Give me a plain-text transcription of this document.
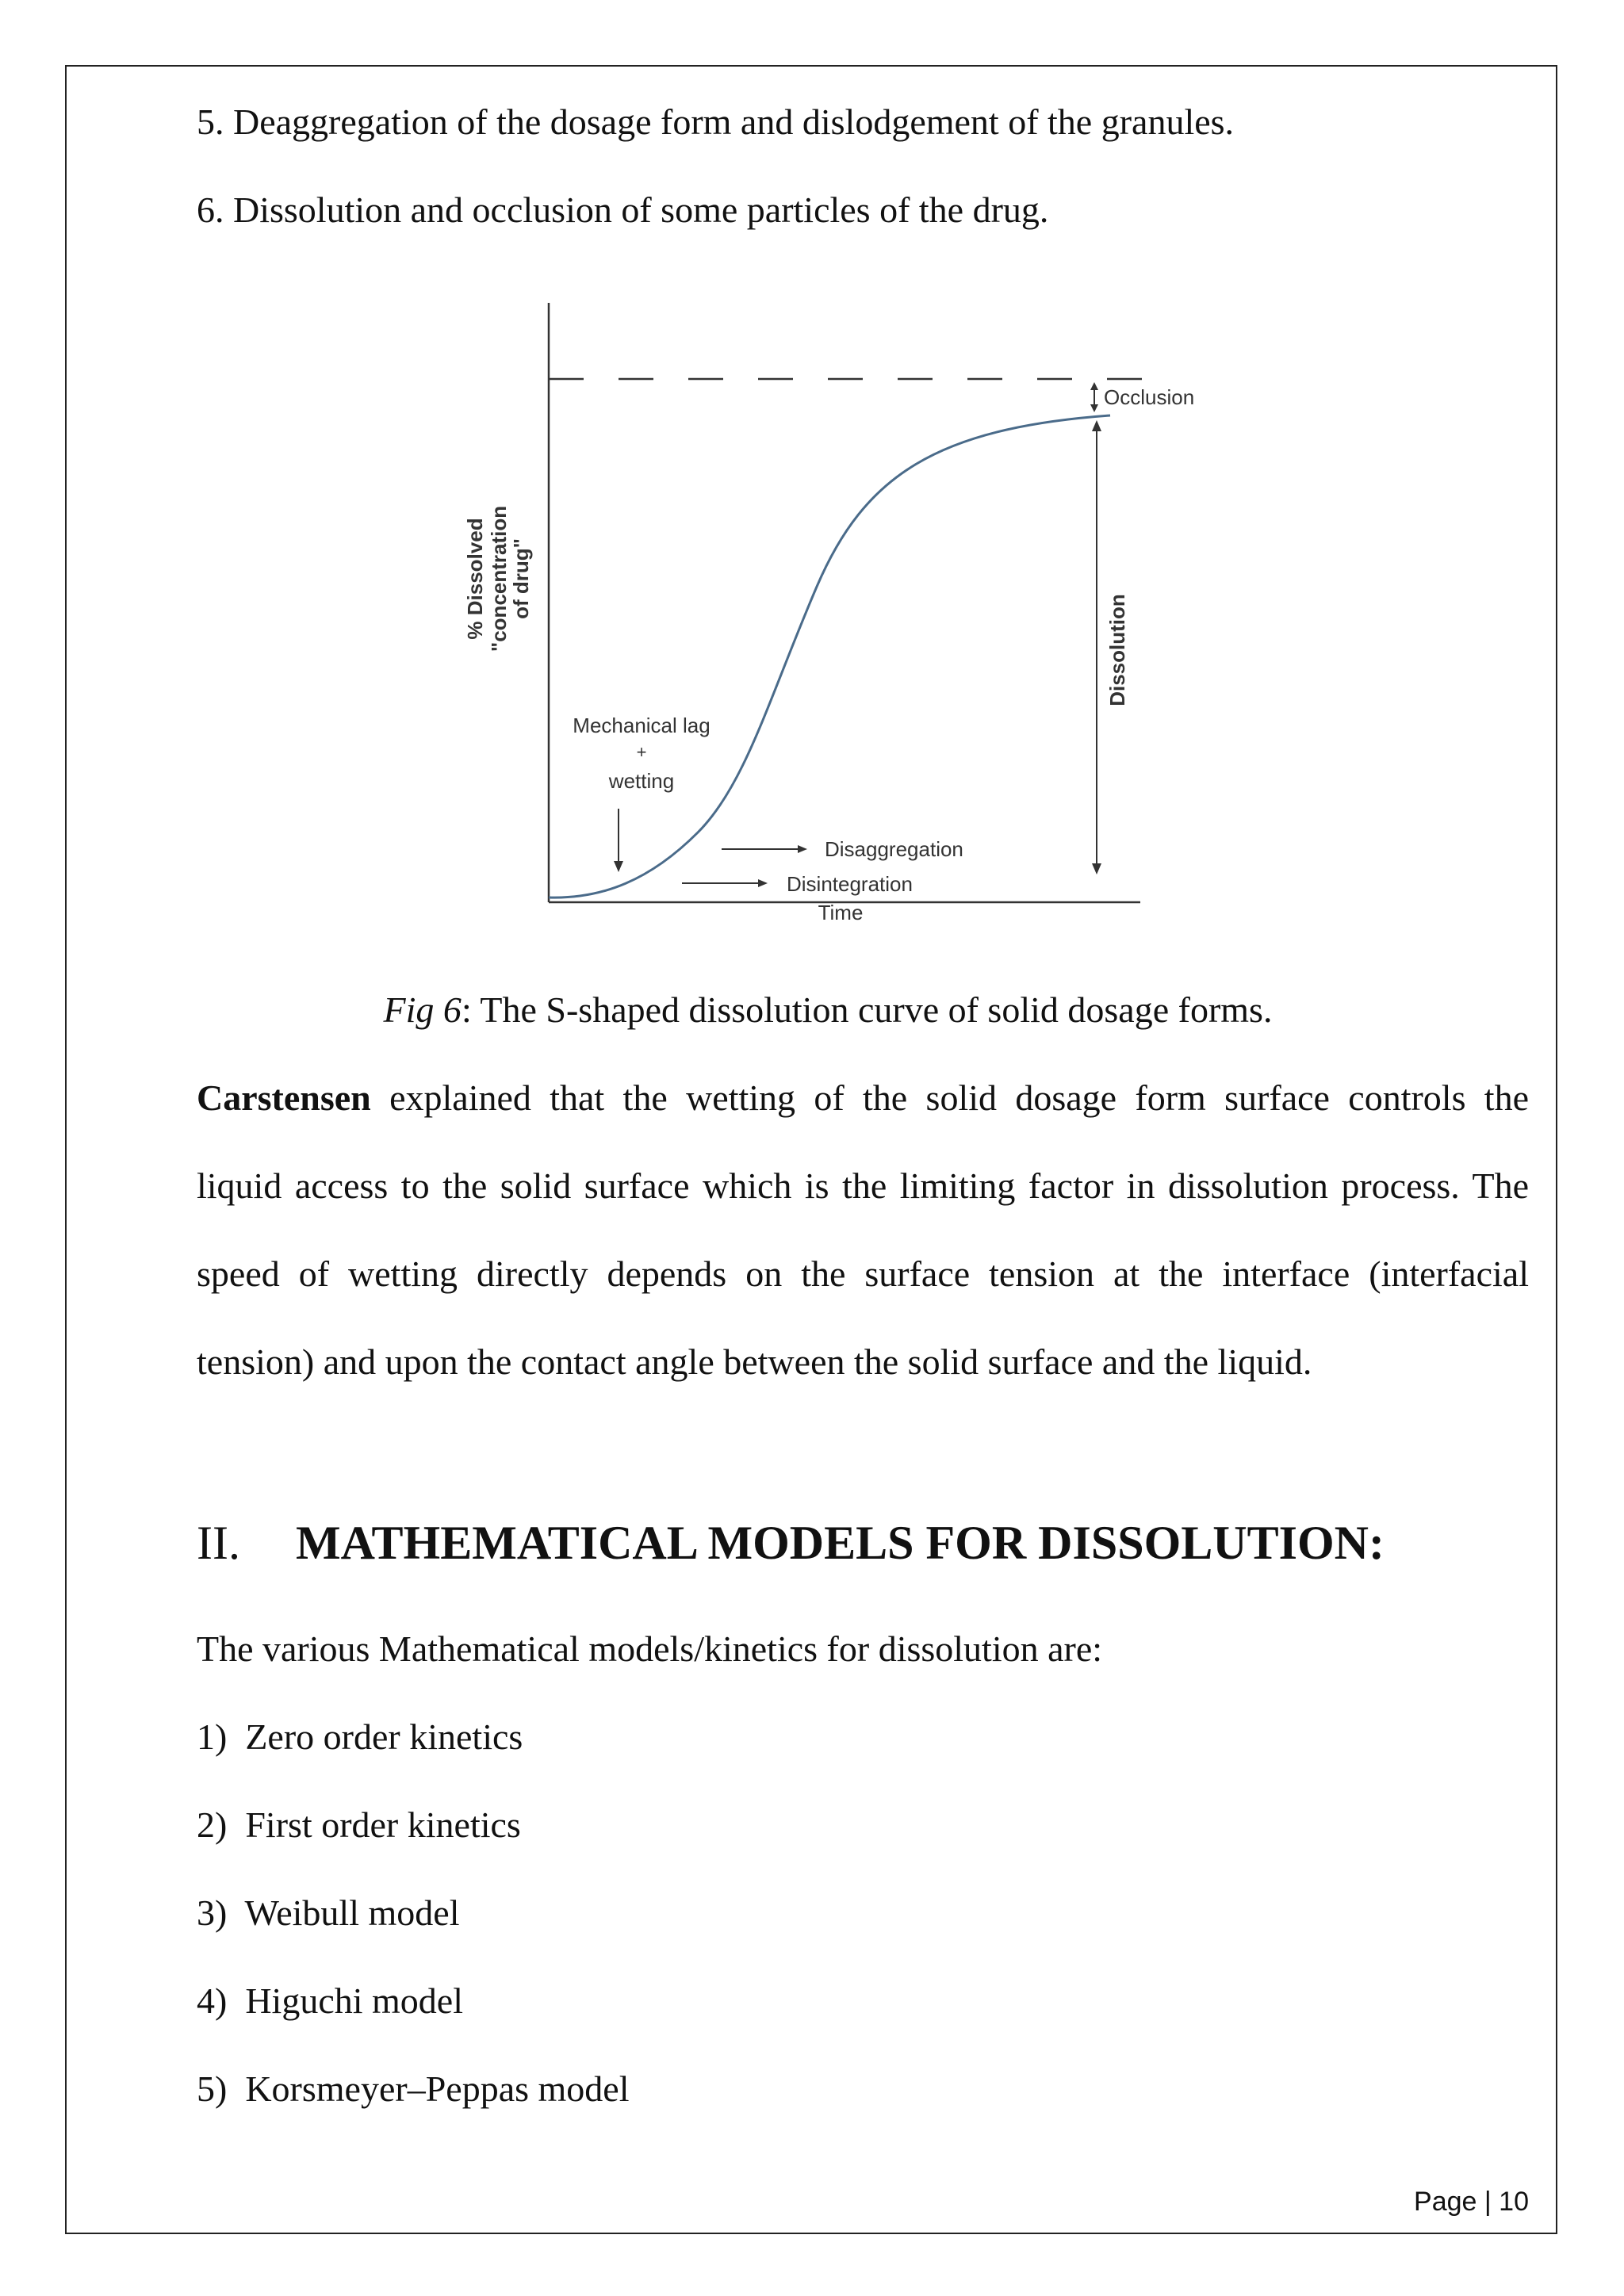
5. Deaggregation of the dosage form and dislodgement of the granules.
6. Dissolution and occlusion of some particles of the drug.
% Dissolved "concentration
of drug"
Time
Occlusion
Dissolution
Mechanical lag
+
wetting
Disaggregation
Disintegration
Fig 6: The S-shaped dissolution curve of solid dosage forms.
Carstensen explained that the wetting of the solid dosage form surface controls the
liquid access to the solid surface which is the limiting factor in dissolution process. The
speed of wetting directly depends on the surface tension at the interface (interfacial
tension) and upon the contact angle between the solid surface and the liquid.
II. MATHEMATICAL MODELS FOR DISSOLUTION:
The various Mathematical models/kinetics for dissolution are:
1) Zero order kinetics
2) First order kinetics
3) Weibull model
4) Higuchi model
5) Korsmeyer–Peppas model
Page | 10
